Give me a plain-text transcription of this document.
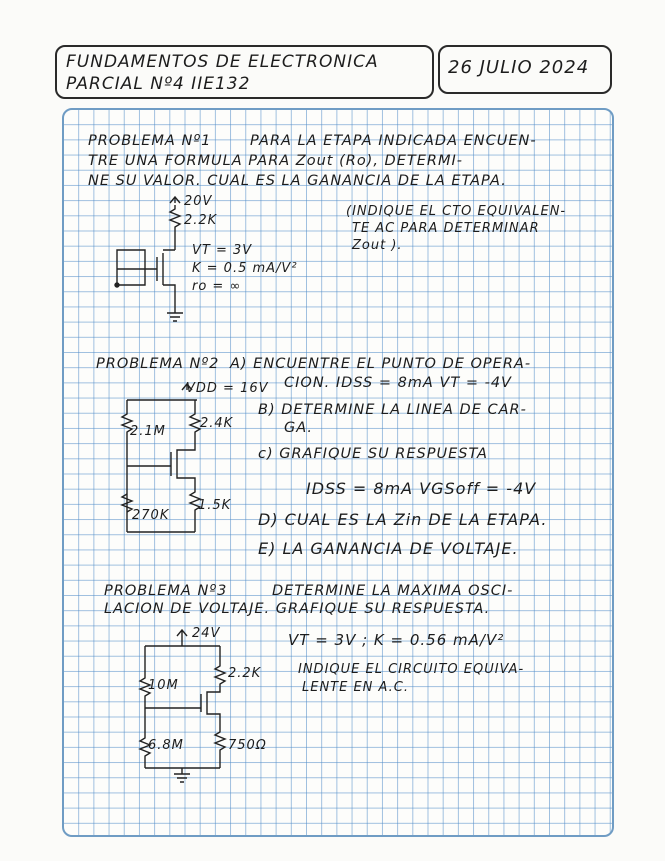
FUNDAMENTOS DE ELECTRONICA
PARCIAL Nº4 IIE132
26 JULIO 2024
PROBLEMA Nº1	PARA LA ETAPA INDICADA ENCUEN-
TRE UNA FORMULA PARA Zout (Ro), DETERMI-
NE SU VALOR. CUAL ES LA GANANCIA DE LA ETAPA.
20V
2.2K
VT = 3V
K = 0.5 mA/V²
ro = ∞
(INDIQUE EL CTO EQUIVALEN-
TE AC PARA DETERMINAR
Zout ).
PROBLEMA Nº2 A) ENCUENTRE EL PUNTO DE OPERA-
CION. IDSS = 8mA VT = -4V
B) DETERMINE LA LINEA DE CAR-
GA.
c) GRAFIQUE SU RESPUESTA
IDSS = 8mA VGSoff = -4V
D) CUAL ES LA Zin DE LA ETAPA.
E) LA GANANCIA DE VOLTAJE.
VDD = 16V
2.1M
2.4K
270K
1.5K
PROBLEMA Nº3	DETERMINE LA MAXIMA OSCI-
LACION DE VOLTAJE. GRAFIQUE SU RESPUESTA.
VT = 3V ; K = 0.56 mA/V²
INDIQUE EL CIRCUITO EQUIVA-
LENTE EN A.C.
24V
10M
2.2K
6.8M	750Ω
